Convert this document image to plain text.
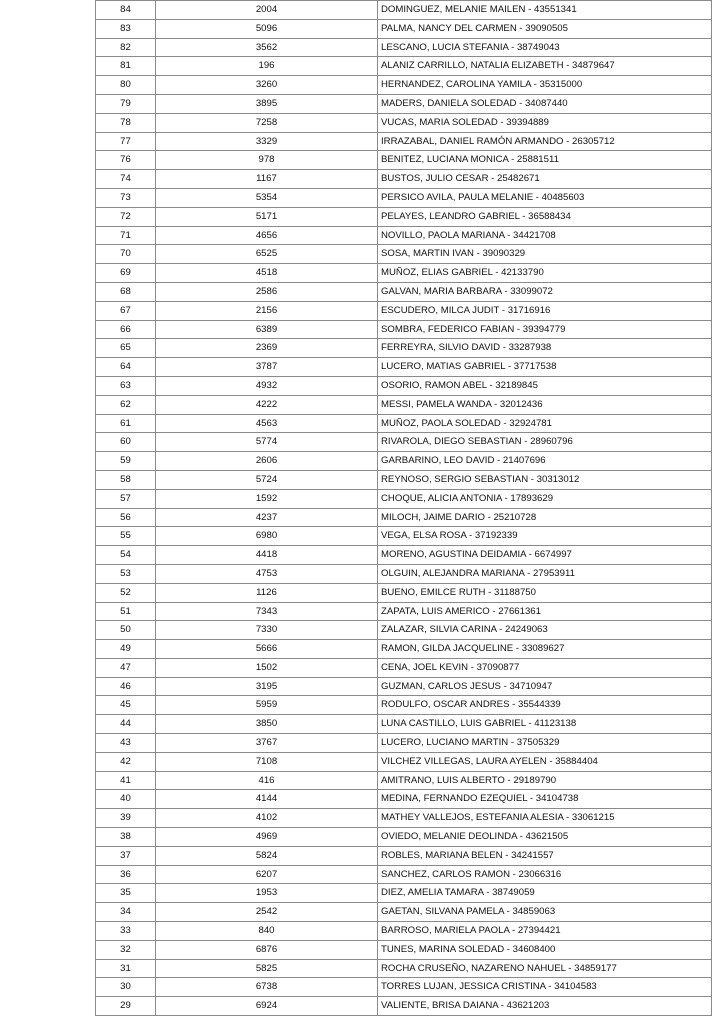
84	2004	DOMINGUEZ, MELANIE MAILEN - 43551341
83	5096	PALMA, NANCY DEL CARMEN - 39090505
82	3562	LESCANO, LUCIA STEFANIA - 38749043
81	196	ALANIZ CARRILLO, NATALIA ELIZABETH - 34879647
80	3260	HERNANDEZ, CAROLINA YAMILA - 35315000
79	3895	MADERS, DANIELA SOLEDAD - 34087440
78	7258	VUCAS, MARIA SOLEDAD - 39394889
77	3329	IRRAZABAL, DANIEL RAMÓN ARMANDO - 26305712
76	978	BENITEZ, LUCIANA MONICA - 25881511
74	1167	BUSTOS, JULIO CESAR - 25482671
73	5354	PERSICO AVILA, PAULA MELANIE - 40485603
72	5171	PELAYES, LEANDRO GABRIEL - 36588434
71	4656	NOVILLO, PAOLA MARIANA - 34421708
70	6525	SOSA, MARTIN IVAN - 39090329
69	4518	MUÑOZ, ELIAS GABRIEL - 42133790
68	2586	GALVAN, MARIA BARBARA - 33099072
67	2156	ESCUDERO, MILCA JUDIT - 31716916
66	6389	SOMBRA, FEDERICO FABIAN - 39394779
65	2369	FERREYRA, SILVIO DAVID - 33287938
64	3787	LUCERO, MATIAS GABRIEL - 37717538
63	4932	OSORIO, RAMON ABEL - 32189845
62	4222	MESSI, PAMELA WANDA - 32012436
61	4563	MUÑOZ, PAOLA SOLEDAD - 32924781
60	5774	RIVAROLA, DIEGO SEBASTIAN - 28960796
59	2606	GARBARINO, LEO DAVID - 21407696
58	5724	REYNOSO, SERGIO SEBASTIAN - 30313012
57	1592	CHOQUE, ALICIA ANTONIA - 17893629
56	4237	MILOCH, JAIME DARIO - 25210728
55	6980	VEGA, ELSA ROSA - 37192339
54	4418	MORENO, AGUSTINA DEIDAMIA - 6674997
53	4753	OLGUIN, ALEJANDRA MARIANA - 27953911
52	1126	BUENO, EMILCE RUTH - 31188750
51	7343	ZAPATA, LUIS AMERICO - 27661361
50	7330	ZALAZAR, SILVIA CARINA - 24249063
49	5666	RAMON, GILDA JACQUELINE - 33089627
47	1502	CENA, JOEL KEVIN - 37090877
46	3195	GUZMAN, CARLOS JESUS - 34710947
45	5959	RODULFO, OSCAR ANDRES - 35544339
44	3850	LUNA CASTILLO, LUIS GABRIEL - 41123138
43	3767	LUCERO, LUCIANO MARTIN - 37505329
42	7108	VILCHEZ VILLEGAS, LAURA AYELEN - 35884404
41	416	AMITRANO, LUIS ALBERTO - 29189790
40	4144	MEDINA, FERNANDO EZEQUIEL - 34104738
39	4102	MATHEY VALLEJOS, ESTEFANIA ALESIA - 33061215
38	4969	OVIEDO, MELANIE DEOLINDA - 43621505
37	5824	ROBLES, MARIANA BELEN - 34241557
36	6207	SANCHEZ, CARLOS RAMON - 23066316
35	1953	DIEZ, AMELIA TAMARA - 38749059
34	2542	GAETAN, SILVANA PAMELA - 34859063
33	840	BARROSO, MARIELA PAOLA - 27394421
32	6876	TUNES, MARINA SOLEDAD - 34608400
31	5825	ROCHA CRUSEÑO, NAZARENO NAHUEL - 34859177
30	6738	TORRES LUJAN, JESSICA CRISTINA - 34104583
29	6924	VALIENTE, BRISA DAIANA - 43621203
